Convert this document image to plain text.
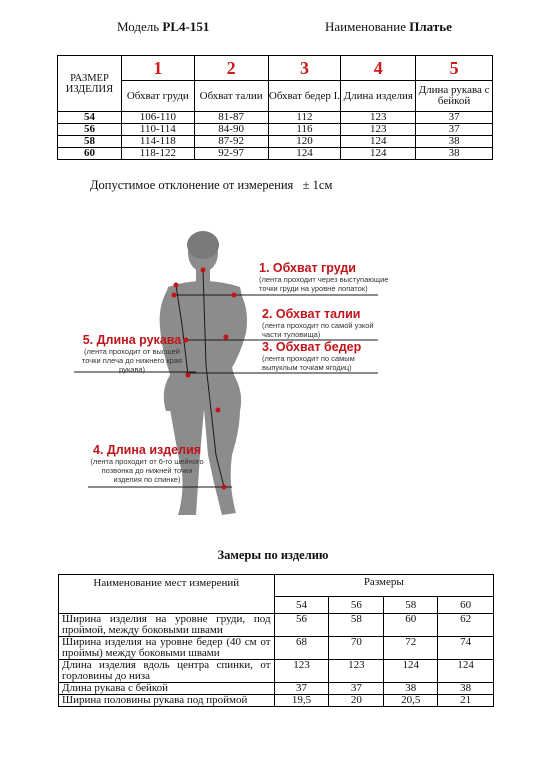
Модель PL4-151	Наименование Платье
РАЗМЕР ИЗДЕЛИЯ	1	2	3	4	5
	Обхват груди	Обхват талии	Обхват бедер I.	Длина изделия	Длина рукава с бейкой
54	106-110	81-87	112	123	37
56	110-114	84-90	116	123	37
58	114-118	87-92	120	124	38
60	118-122	92-97	124	124	38
Допустимое отклонение от измерения   ± 1см
1. Обхват груди
(лента проходит через выступающие точки груди на уровне лопаток)
2. Обхват талии
(лента проходит по самой узкой части туловища)
3. Обхват бедер
(лента проходит по самым выпуклым точкам ягодиц)
5. Длина рукава
(лента проходит от высшей точки плеча до нижнего края рукава)
4. Длина изделия
(лента проходит от 6-го шейного позвонка до нижней точки изделия по спинке)
Замеры по изделию
Наименование мест измерений	Размеры			
	54	56	58	60
Ширина изделия на уровне груди, под проймой, между боковыми швами	56	58	60	62
Ширина изделия на уровне бедер (40 см от проймы) между боковыми швами	68	70	72	74
Длина изделия вдоль центра спинки, от горловины до низа	123	123	124	124
Длина рукава с бейкой	37	37	38	38
Ширина половины рукава под проймой	19,5	20	20,5	21
